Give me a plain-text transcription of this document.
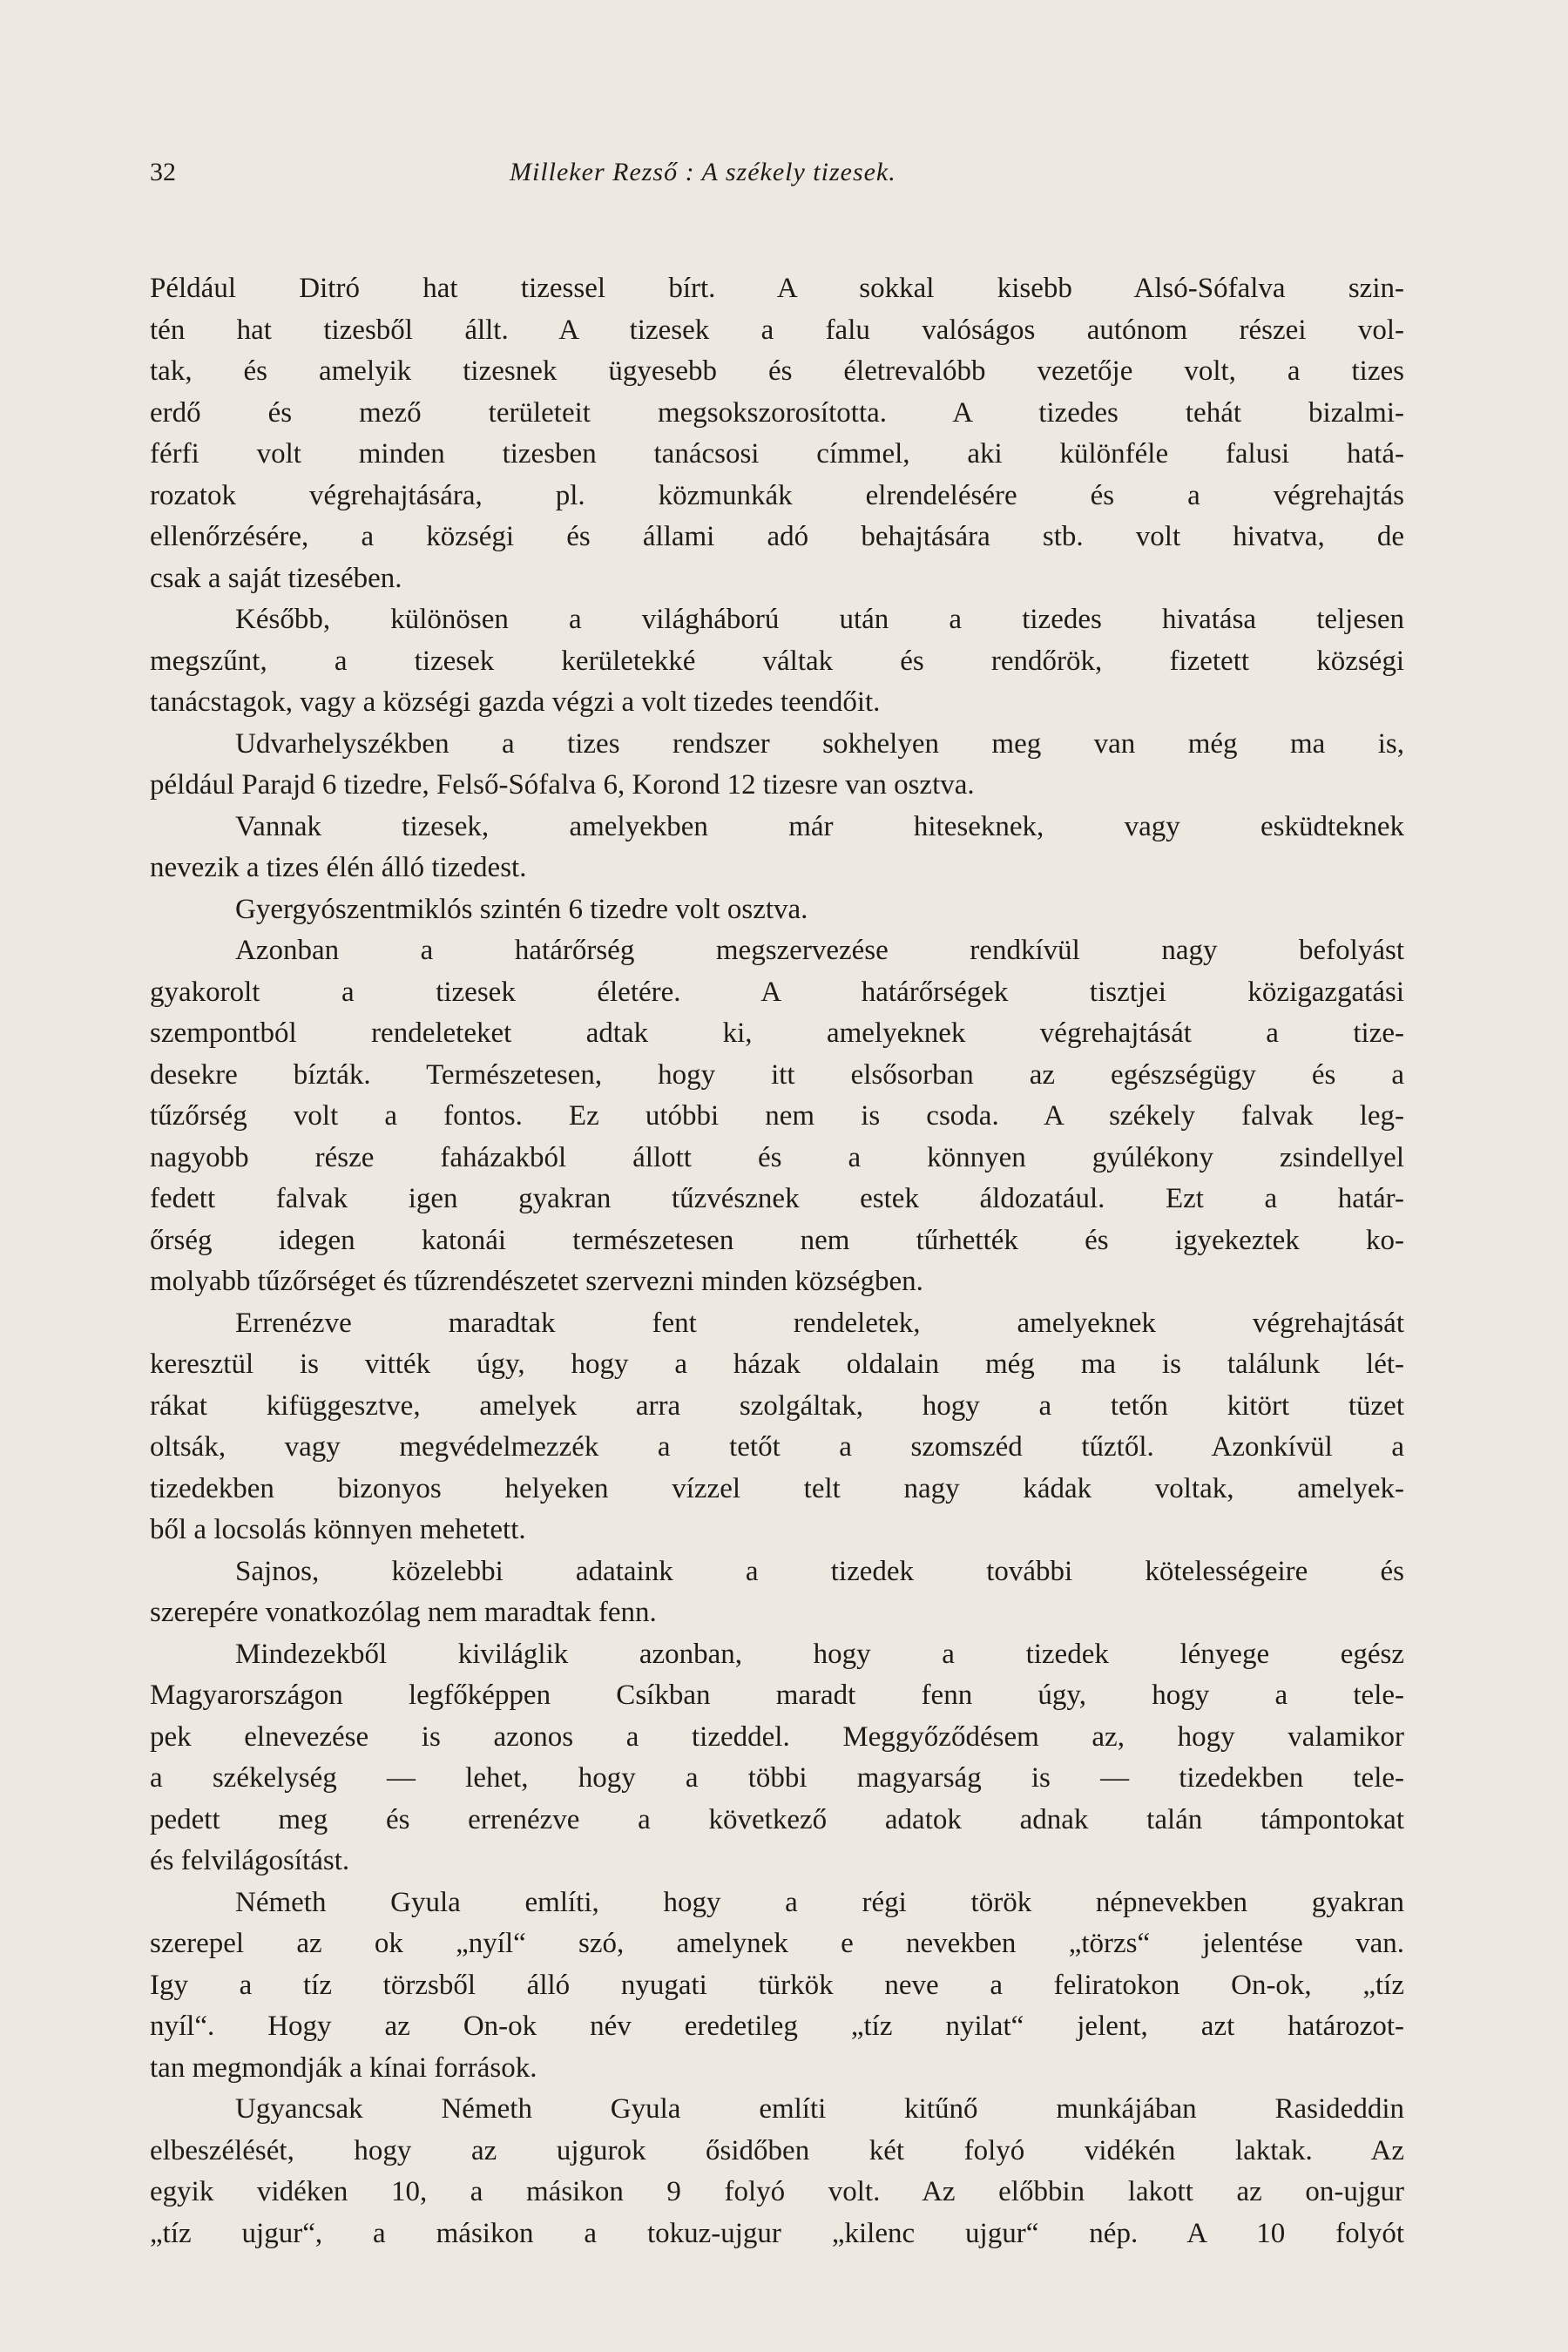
32	Milleker Rezső : A székely tizesek.
Például Ditró hat tizessel bírt. A sokkal kisebb Alsó-Sófalva szin-
tén hat tizesből állt. A tizesek a falu valóságos autónom részei vol-
tak, és amelyik tizesnek ügyesebb és életrevalóbb vezetője volt, a tizes
erdő és mező területeit megsokszorosította. A tizedes tehát bizalmi-
férfi volt minden tizesben tanácsosi címmel, aki különféle falusi hatá-
rozatok végrehajtására, pl. közmunkák elrendelésére és a végrehajtás
ellenőrzésére, a községi és állami adó behajtására stb. volt hivatva, de
csak a saját tizesében.
Később, különösen a világháború után a tizedes hivatása teljesen
megszűnt, a tizesek kerületekké váltak és rendőrök, fizetett községi
tanácstagok, vagy a községi gazda végzi a volt tizedes teendőit.
Udvarhelyszékben a tizes rendszer sokhelyen meg van még ma is,
például Parajd 6 tizedre, Felső-Sófalva 6, Korond 12 tizesre van osztva.
Vannak tizesek, amelyekben már hiteseknek, vagy esküdteknek
nevezik a tizes élén álló tizedest.
Gyergyószentmiklós szintén 6 tizedre volt osztva.
Azonban a határőrség megszervezése rendkívül nagy befolyást
gyakorolt a tizesek életére. A határőrségek tisztjei közigazgatási
szempontból rendeleteket adtak ki, amelyeknek végrehajtását a tize-
desekre bízták. Természetesen, hogy itt elsősorban az egészségügy és a
tűzőrség volt a fontos. Ez utóbbi nem is csoda. A székely falvak leg-
nagyobb része faházakból állott és a könnyen gyúlékony zsindellyel
fedett falvak igen gyakran tűzvésznek estek áldozatául. Ezt a határ-
őrség idegen katonái természetesen nem tűrhették és igyekeztek ko-
molyabb tűzőrséget és tűzrendészetet szervezni minden községben.
Errenézve maradtak fent rendeletek, amelyeknek végrehajtását
keresztül is vitték úgy, hogy a házak oldalain még ma is találunk lét-
rákat kifüggesztve, amelyek arra szolgáltak, hogy a tetőn kitört tüzet
oltsák, vagy megvédelmezzék a tetőt a szomszéd tűztől. Azonkívül a
tizedekben bizonyos helyeken vízzel telt nagy kádak voltak, amelyek-
ből a locsolás könnyen mehetett.
Sajnos, közelebbi adataink a tizedek további kötelességeire és
szerepére vonatkozólag nem maradtak fenn.
Mindezekből kiviláglik azonban, hogy a tizedek lényege egész
Magyarországon legfőképpen Csíkban maradt fenn úgy, hogy a tele-
pek elnevezése is azonos a tizeddel. Meggyőződésem az, hogy valamikor
a székelység — lehet, hogy a többi magyarság is — tizedekben tele-
pedett meg és errenézve a következő adatok adnak talán támpontokat
és felvilágosítást.
Németh Gyula említi, hogy a régi török népnevekben gyakran
szerepel az ok „nyíl“ szó, amelynek e nevekben „törzs“ jelentése van.
Igy a tíz törzsből álló nyugati türkök neve a feliratokon On-ok, „tíz
nyíl“. Hogy az On-ok név eredetileg „tíz nyilat“ jelent, azt határozot-
tan megmondják a kínai források.
Ugyancsak Németh Gyula említi kitűnő munkájában Rasideddin
elbeszélését, hogy az ujgurok ősidőben két folyó vidékén laktak. Az
egyik vidéken 10, a másikon 9 folyó volt. Az előbbin lakott az on-ujgur
„tíz ujgur“, a másikon a tokuz-ujgur „kilenc ujgur“ nép. A 10 folyót
